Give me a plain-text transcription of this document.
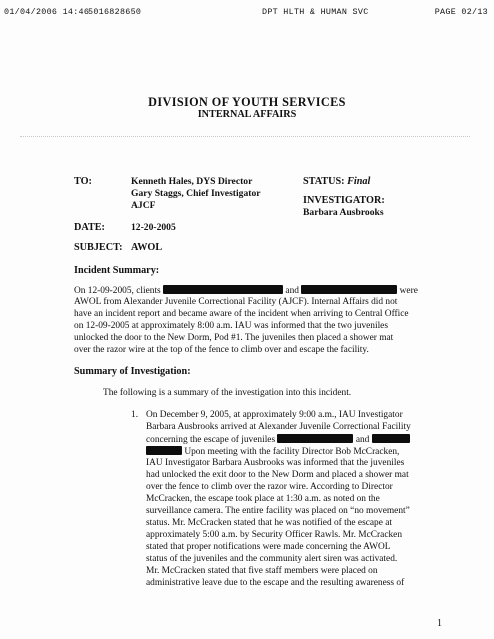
01/04/2006 14:46
5016828650	DPT HLTH & HUMAN SVC	PAGE 02/13
DIVISION OF YOUTH SERVICES
INTERNAL AFFAIRS
TO:	Kenneth Hales, DYS Director
Gary Staggs, Chief Investigator
AJCF
STATUS: Final
INVESTIGATOR:
Barbara Ausbrooks
DATE:	12-20-2005
SUBJECT: AWOL
Incident Summary:
On 12-09-2005, clients	and	were
AWOL from Alexander Juvenile Correctional Facility (AJCF). Internal Affairs did not
have an incident report and became aware of the incident when arriving to Central Office
on 12-09-2005 at approximately 8:00 a.m. IAU was informed that the two juveniles
unlocked the door to the New Dorm, Pod #1. The juveniles then placed a shower mat
over the razor wire at the top of the fence to climb over and escape the facility.
Summary of Investigation:
The following is a summary of the investigation into this incident.
1. On December 9, 2005, at approximately 9:00 a.m., IAU Investigator
Barbara Ausbrooks arrived at Alexander Juvenile Correctional Facility
concerning the escape of juveniles	and
Upon meeting with the facility Director Bob McCracken,
IAU Investigator Barbara Ausbrooks was informed that the juveniles
had unlocked the exit door to the New Dorm and placed a shower mat
over the fence to climb over the razor wire. According to Director
McCracken, the escape took place at 1:30 a.m. as noted on the
surveillance camera. The entire facility was placed on “no movement”
status. Mr. McCracken stated that he was notified of the escape at
approximately 5:00 a.m. by Security Officer Rawls. Mr. McCracken
stated that proper notifications were made concerning the AWOL
status of the juveniles and the community alert siren was activated.
Mr. McCracken stated that five staff members were placed on
administrative leave due to the escape and the resulting awareness of
1
